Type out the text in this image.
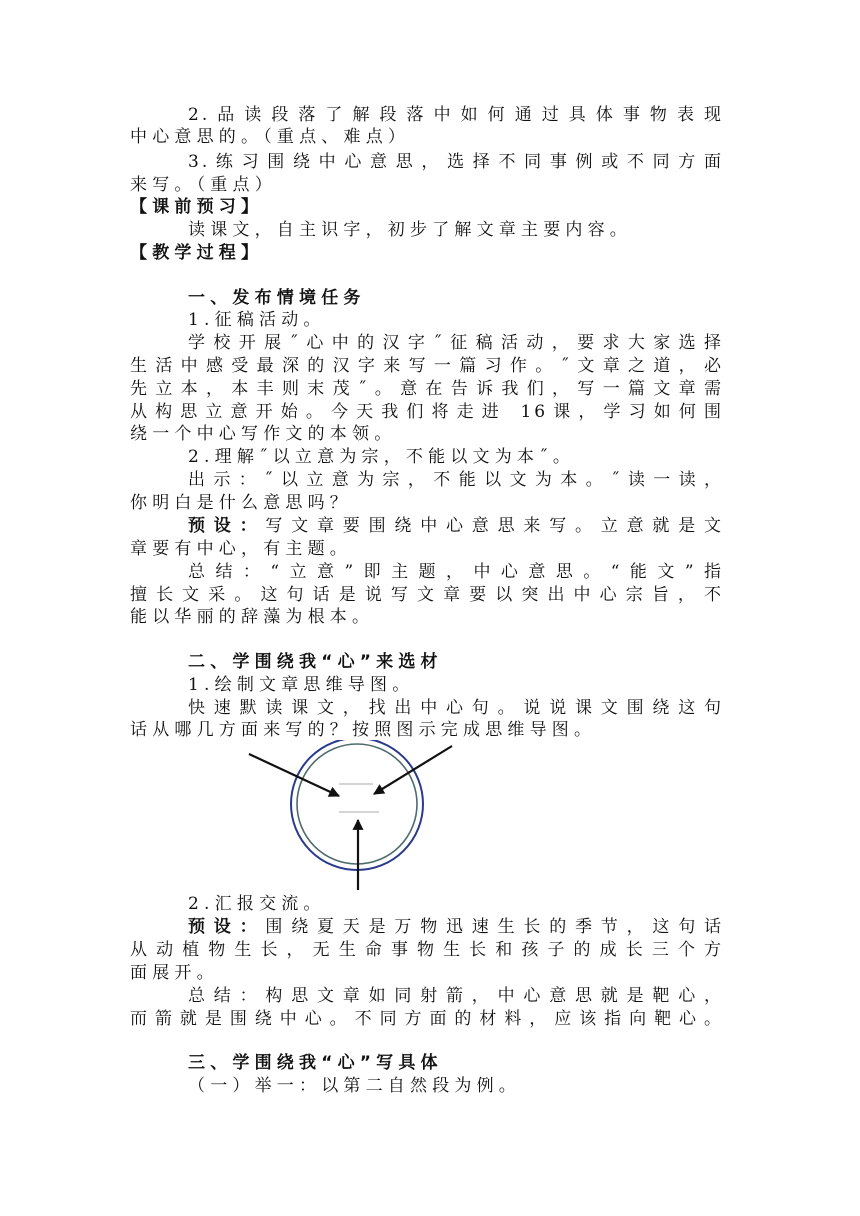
2.品读段落了解段落中如何通过具体事物表现
中心意思的。（重点、难点）
3.练习围绕中心意思，选择不同事例或不同方面
来写。（重点）
【课前预习】
读课文，自主识字，初步了解文章主要内容。
【教学过程】
一、发布情境任务
1.征稿活动。
学校开展˝心中的汉字˝征稿活动，要求大家选择
生活中感受最深的汉字来写一篇习作。˝文章之道，必
先立本，本丰则末茂˝。意在告诉我们，写一篇文章需
从构思立意开始。今天我们将走进 16课，学习如何围
绕一个中心写作文的本领。
2.理解˝以立意为宗，不能以文为本˝。
出示：˝以立意为宗，不能以文为本。˝读一读，
你明白是什么意思吗？
预设：写文章要围绕中心意思来写。立意就是文
章要有中心，有主题。
总结：“立意”即主题，中心意思。“能文”指
擅长文采。这句话是说写文章要以突出中心宗旨，不
能以华丽的辞藻为根本。
二、学围绕我“心”来选材
1.绘制文章思维导图。
快速默读课文，找出中心句。说说课文围绕这句
话从哪几方面来写的？按照图示完成思维导图。
2.汇报交流。
预设：围绕夏天是万物迅速生长的季节，这句话
从动植物生长，无生命事物生长和孩子的成长三个方
面展开。
总结：构思文章如同射箭，中心意思就是靶心，
而箭就是围绕中心。不同方面的材料，应该指向靶心。
三、学围绕我“心”写具体
（一）举一：以第二自然段为例。
